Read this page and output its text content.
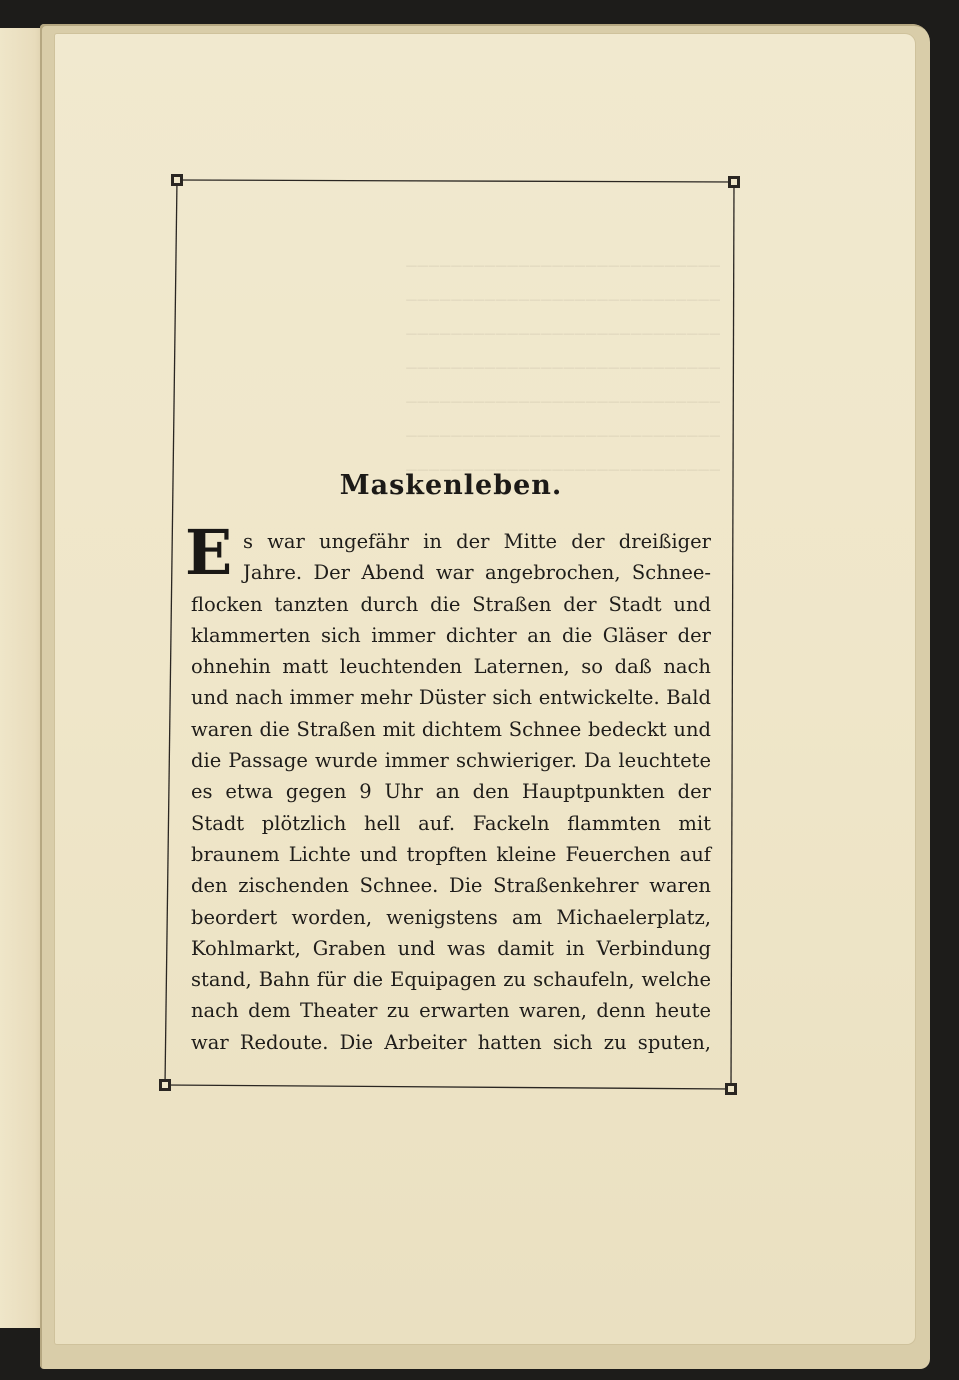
────────────────────────────
────────────────────────────
────────────────────────────
────────────────────────────
────────────────────────────
────────────────────────────
────────────────────────────
Maskenleben.
E s war ungefähr in der Mitte der dreißiger
Jahre. Der Abend war angebrochen, Schnee-
flocken tanzten durch die Straßen der Stadt und
klammerten sich immer dichter an die Gläser der
ohnehin matt leuchtenden Laternen, so daß nach
und nach immer mehr Düster sich entwickelte. Bald
waren die Straßen mit dichtem Schnee bedeckt und
die Passage wurde immer schwieriger. Da leuchtete
es etwa gegen 9 Uhr an den Hauptpunkten der
Stadt plötzlich hell auf. Fackeln flammten mit
braunem Lichte und tropften kleine Feuerchen auf
den zischenden Schnee. Die Straßenkehrer waren
beordert worden, wenigstens am Michaelerplatz,
Kohlmarkt, Graben und was damit in Verbindung
stand, Bahn für die Equipagen zu schaufeln, welche
nach dem Theater zu erwarten waren, denn heute
war Redoute. Die Arbeiter hatten sich zu sputen,
